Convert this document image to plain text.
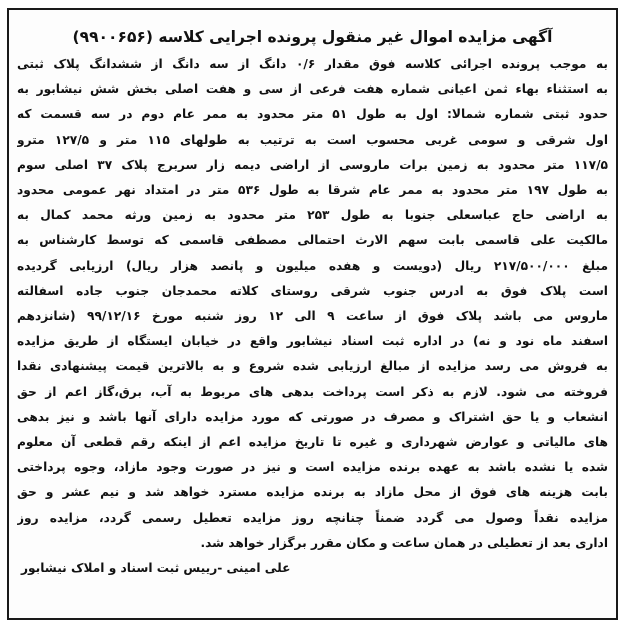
آگهی مزایده اموال غیر منقول پرونده اجرایی کلاسه (۹۹۰۰۶۵۶)
به موجب پرونده اجرائی کلاسه فوق مقدار ۰/۶ دانگ از سه دانگ از ششدانگ پلاک ثبتی
به استثناء بهاء ثمن اعیانی شماره هفت فرعی از سی و هفت اصلی بخش شش نیشابور به
حدود ثبتی شماره شمالا: اول به طول ۵۱ متر محدود به ممر عام دوم در سه قسمت که
اول شرقی و سومی غربی محسوب است به ترتیب به طولهای ۱۱۵ متر و ۱۲۷/۵ مترو
۱۱۷/۵ متر محدود به زمین برات ماروسی از اراضی دیمه زار سربرج پلاک ۳۷ اصلی سوم
به طول ۱۹۷ متر محدود به ممر عام شرقا به طول ۵۳۶ متر در امتداد نهر عمومی محدود
به اراضی حاج عباسعلی جنوبا به طول ۲۵۳ متر محدود به زمین ورثه محمد کمال به
مالکیت علی قاسمی بابت سهم الارث احتمالی مصطفی قاسمی که توسط کارشناس به
مبلغ ۲۱۷/۵۰۰/۰۰۰ ریال (دویست و هفده میلیون و پانصد هزار ریال) ارزیابی گردیده
است پلاک فوق به ادرس جنوب شرقی روستای کلاته محمدجان جنوب جاده اسفالته
ماروس می باشد پلاک فوق از ساعت ۹ الی ۱۲ روز شنبه مورخ ۹۹/۱۲/۱۶ (شانزدهم
اسفند ماه نود و نه) در اداره ثبت اسناد نیشابور واقع در خیابان ایستگاه از طریق مزایده
به فروش می رسد مزایده از مبالغ ارزیابی شده شروع و به بالاترین قیمت پیشنهادی نقدا
فروخته می شود. لازم به ذکر است پرداخت بدهی های مربوط به آب، برق،گاز اعم از حق
انشعاب و یا حق اشتراک و مصرف در صورتی که مورد مزایده دارای آنها باشد و نیز بدهی
های مالیاتی و عوارض شهرداری و غیره تا تاریخ مزایده اعم از اینکه رقم قطعی آن معلوم
شده یا نشده باشد به عهده برنده مزایده است و نیز در صورت وجود مازاد، وجوه پرداختی
بابت هزینه های فوق از محل مازاد به برنده مزایده مسترد خواهد شد و نیم عشر و حق
مزایده نقداً وصول می گردد ضمناً چنانچه روز مزایده تعطیل رسمی گردد، مزایده روز
اداری بعد از تعطیلی در همان ساعت و مکان مقرر برگزار خواهد شد.
علی امینی -رییس ثبت اسناد و املاک نیشابور
